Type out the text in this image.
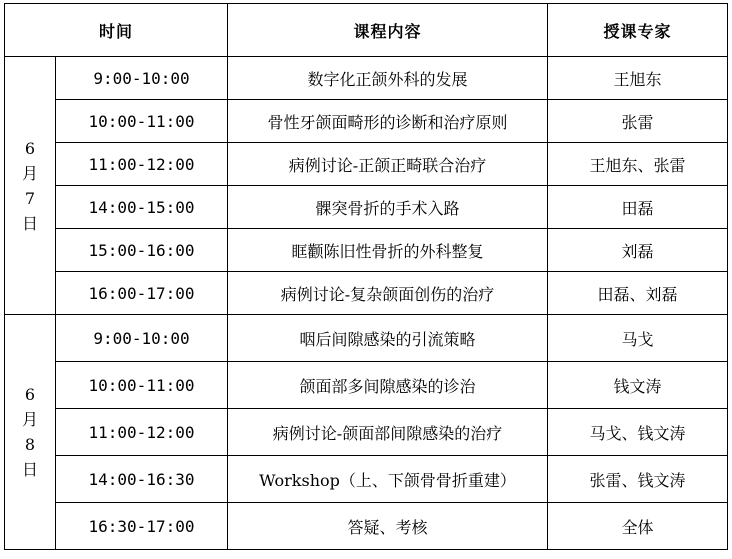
时间		课程内容	授课专家

6
月
7
日	9:00-10:00	数字化正颌外科的发展	王旭东
	10:00-11:00	骨性牙颌面畸形的诊断和治疗原则	张雷
	11:00-12:00	病例讨论-正颌正畸联合治疗	王旭东、张雷
	14:00-15:00	髁突骨折的手术入路	田磊
	15:00-16:00	眶颧陈旧性骨折的外科整复	刘磊
	16:00-17:00	病例讨论-复杂颌面创伤的治疗	田磊、刘磊

6
月
8
日	9:00-10:00	咽后间隙感染的引流策略	马戈
	10:00-11:00	颌面部多间隙感染的诊治	钱文涛
	11:00-12:00	病例讨论-颌面部间隙感染的治疗	马戈、钱文涛
	14:00-16:30	Workshop（上、下颌骨骨折重建）	张雷、钱文涛
	16:30-17:00	答疑、考核	全体
